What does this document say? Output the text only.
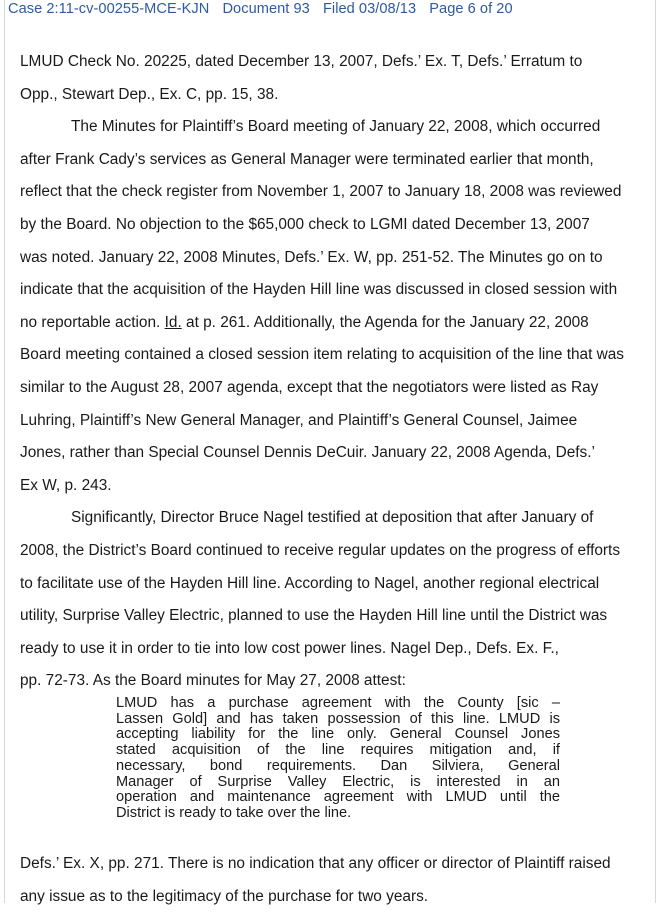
Case 2:11-cv-00255-MCE-KJN Document 93 Filed 03/08/13 Page 6 of 20
LMUD Check No. 20225, dated December 13, 2007, Defs.’ Ex. T, Defs.’ Erratum to
Opp., Stewart Dep., Ex. C, pp. 15, 38.
The Minutes for Plaintiff’s Board meeting of January 22, 2008, which occurred
after Frank Cady’s services as General Manager were terminated earlier that month,
reflect that the check register from November 1, 2007 to January 18, 2008 was reviewed
by the Board. No objection to the $65,000 check to LGMI dated December 13, 2007
was noted. January 22, 2008 Minutes, Defs.’ Ex. W, pp. 251-52. The Minutes go on to
indicate that the acquisition of the Hayden Hill line was discussed in closed session with
no reportable action. Id. at p. 261. Additionally, the Agenda for the January 22, 2008
Board meeting contained a closed session item relating to acquisition of the line that was
similar to the August 28, 2007 agenda, except that the negotiators were listed as Ray
Luhring, Plaintiff’s New General Manager, and Plaintiff’s General Counsel, Jaimee
Jones, rather than Special Counsel Dennis DeCuir. January 22, 2008 Agenda, Defs.’
Ex W, p. 243.
Significantly, Director Bruce Nagel testified at deposition that after January of
2008, the District’s Board continued to receive regular updates on the progress of efforts
to facilitate use of the Hayden Hill line. According to Nagel, another regional electrical
utility, Surprise Valley Electric, planned to use the Hayden Hill line until the District was
ready to use it in order to tie into low cost power lines. Nagel Dep., Defs. Ex. F.,
pp. 72-73. As the Board minutes for May 27, 2008 attest:
LMUD has a purchase agreement with the County [sic –
Lassen Gold] and has taken possession of this line. LMUD is
accepting liability for the line only. General Counsel Jones
stated acquisition of the line requires mitigation and, if
necessary, bond requirements. Dan Silviera, General
Manager of Surprise Valley Electric, is interested in an
operation and maintenance agreement with LMUD until the
District is ready to take over the line.
Defs.’ Ex. X, pp. 271. There is no indication that any officer or director of Plaintiff raised
any issue as to the legitimacy of the purchase for two years.
